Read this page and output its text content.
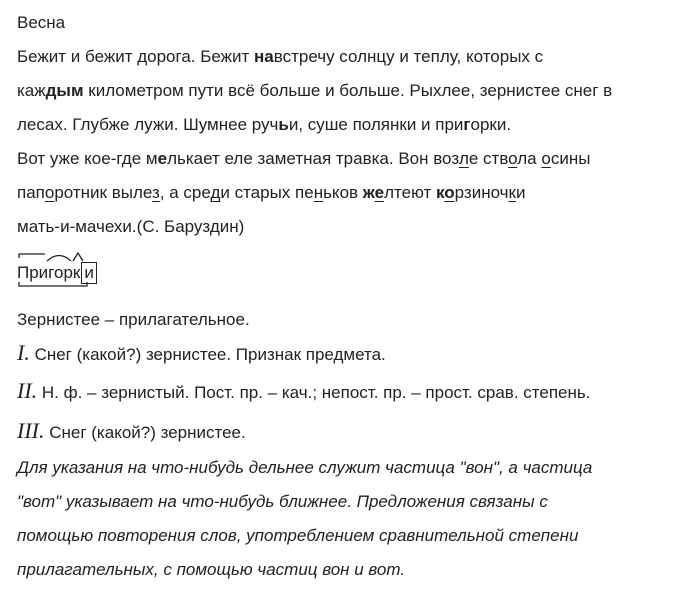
Весна
Бежит и бежит дорога. Бежит навстречу солнцу и теплу, которых с
каждым километром пути всё больше и больше. Рыхлее, зернистее снег в
лесах. Глубже лужи. Шумнее ручьи, суше полянки и пригорки.
Вот уже кое-где мелькает еле заметная травка. Вон возле ствола осины
папоротник вылез, а среди старых пеньков желтеют корзиночки
мать-и-мачехи.(С. Баруздин)
Пригорк и
Зернистее – прилагательное.
I. Снег (какой?) зернистее. Признак предмета.
II. Н. ф. – зернистый. Пост. пр. – кач.; непост. пр. – прост. срав. степень.
III. Снег (какой?) зернистее.
Для указания на что-нибудь дельнее служит частица "вон", а частица
"вот" указывает на что-нибудь ближнее. Предложения связаны с
помощью повторения слов, употреблением сравнительной степени
прилагательных, с помощью частиц вон и вот.
